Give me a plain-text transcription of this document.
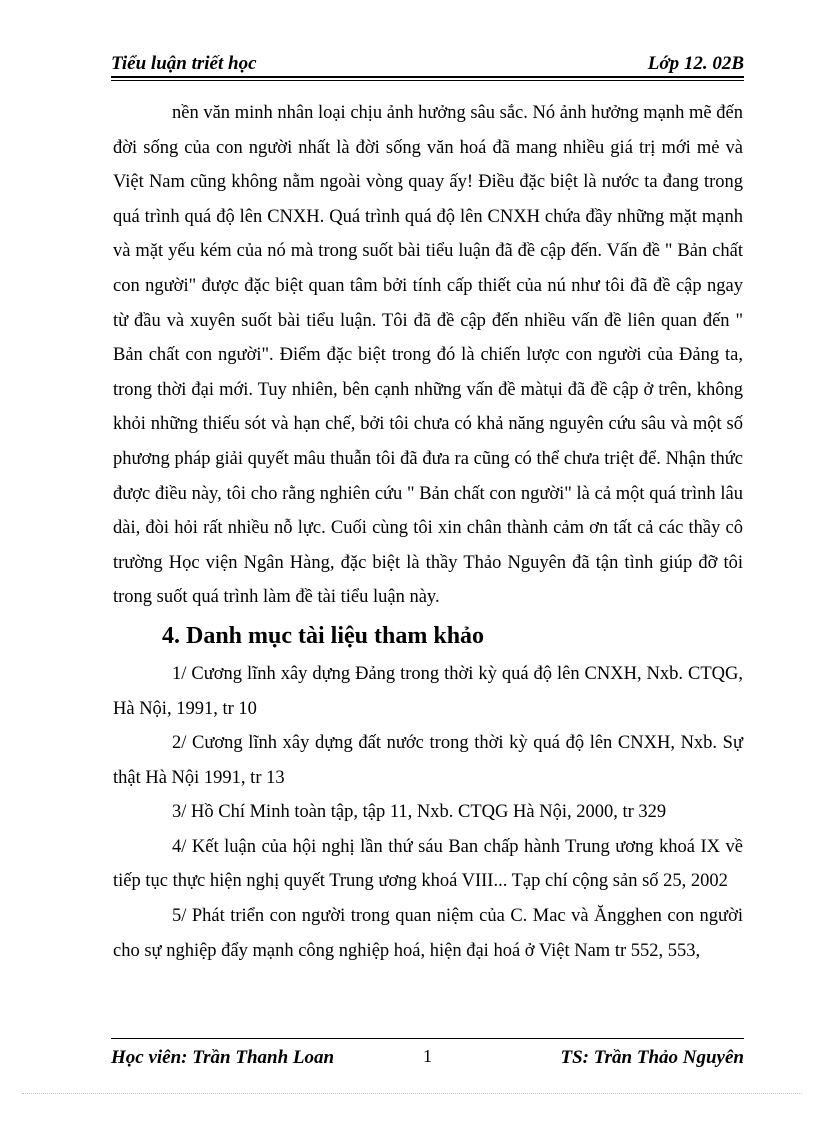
Tiểu luận triết học	Lớp 12. 02B

nền văn minh nhân loại chịu ảnh hưởng sâu sắc. Nó ảnh hưởng mạnh mẽ đến đời sống của con người nhất là đời sống văn hoá đã mang nhiều giá trị mới mẻ và Việt Nam cũng không nằm ngoài vòng quay ấy! Điều đặc biệt là nước ta đang trong quá trình quá độ lên CNXH. Quá trình quá độ lên CNXH chứa đầy những mặt mạnh và mặt yếu kém của nó mà trong suốt bài tiểu luận đã đề cập đến. Vấn đề " Bản chất con người" được đặc biệt quan tâm bởi tính cấp thiết của nú như tôi đã đề cập ngay từ đầu và xuyên suốt bài tiểu luận. Tôi đã đề cập đến nhiều vấn đề liên quan đến " Bản chất con người". Điểm đặc biệt trong đó là chiến lược con người của Đảng ta, trong thời đại mới. Tuy nhiên, bên cạnh những vấn đề màtụi đã đề cập ở trên, không khỏi những thiếu sót và hạn chế, bởi tôi chưa có khả năng nguyên cứu sâu và một số phương pháp giải quyết mâu thuẫn tôi đã đưa ra cũng có thể chưa triệt để. Nhận thức được điều này, tôi cho rằng nghiên cứu " Bản chất con người" là cả một quá trình lâu dài, đòi hỏi rất nhiều nỗ lực. Cuối cùng tôi xin chân thành cảm ơn tất cả các thầy cô trường Học viện Ngân Hàng, đặc biệt là thầy Thảo Nguyên đã tận tình giúp đỡ tôi trong suốt quá trình làm đề tài tiểu luận này.

4. Danh mục tài liệu tham khảo

1/ Cương lĩnh xây dựng Đảng trong thời kỳ quá độ lên CNXH, Nxb. CTQG, Hà Nội, 1991, tr 10

2/ Cương lĩnh xây dựng đất nước trong thời kỳ quá độ lên CNXH, Nxb. Sự thật Hà Nội 1991, tr 13

3/ Hồ Chí Minh toàn tập, tập 11, Nxb. CTQG Hà Nội, 2000, tr 329

4/ Kết luận của hội nghị lần thứ sáu Ban chấp hành Trung ương khoá IX về tiếp tục thực hiện nghị quyết Trung ương khoá VIII... Tạp chí cộng sản số 25, 2002

5/ Phát triển con người trong quan niệm của C. Mac và Ăngghen con người cho sự nghiệp đẩy mạnh công nghiệp hoá, hiện đại hoá ở Việt Nam tr 552, 553,

Học viên: Trần Thanh Loan	1	TS: Trần Thảo Nguyên
